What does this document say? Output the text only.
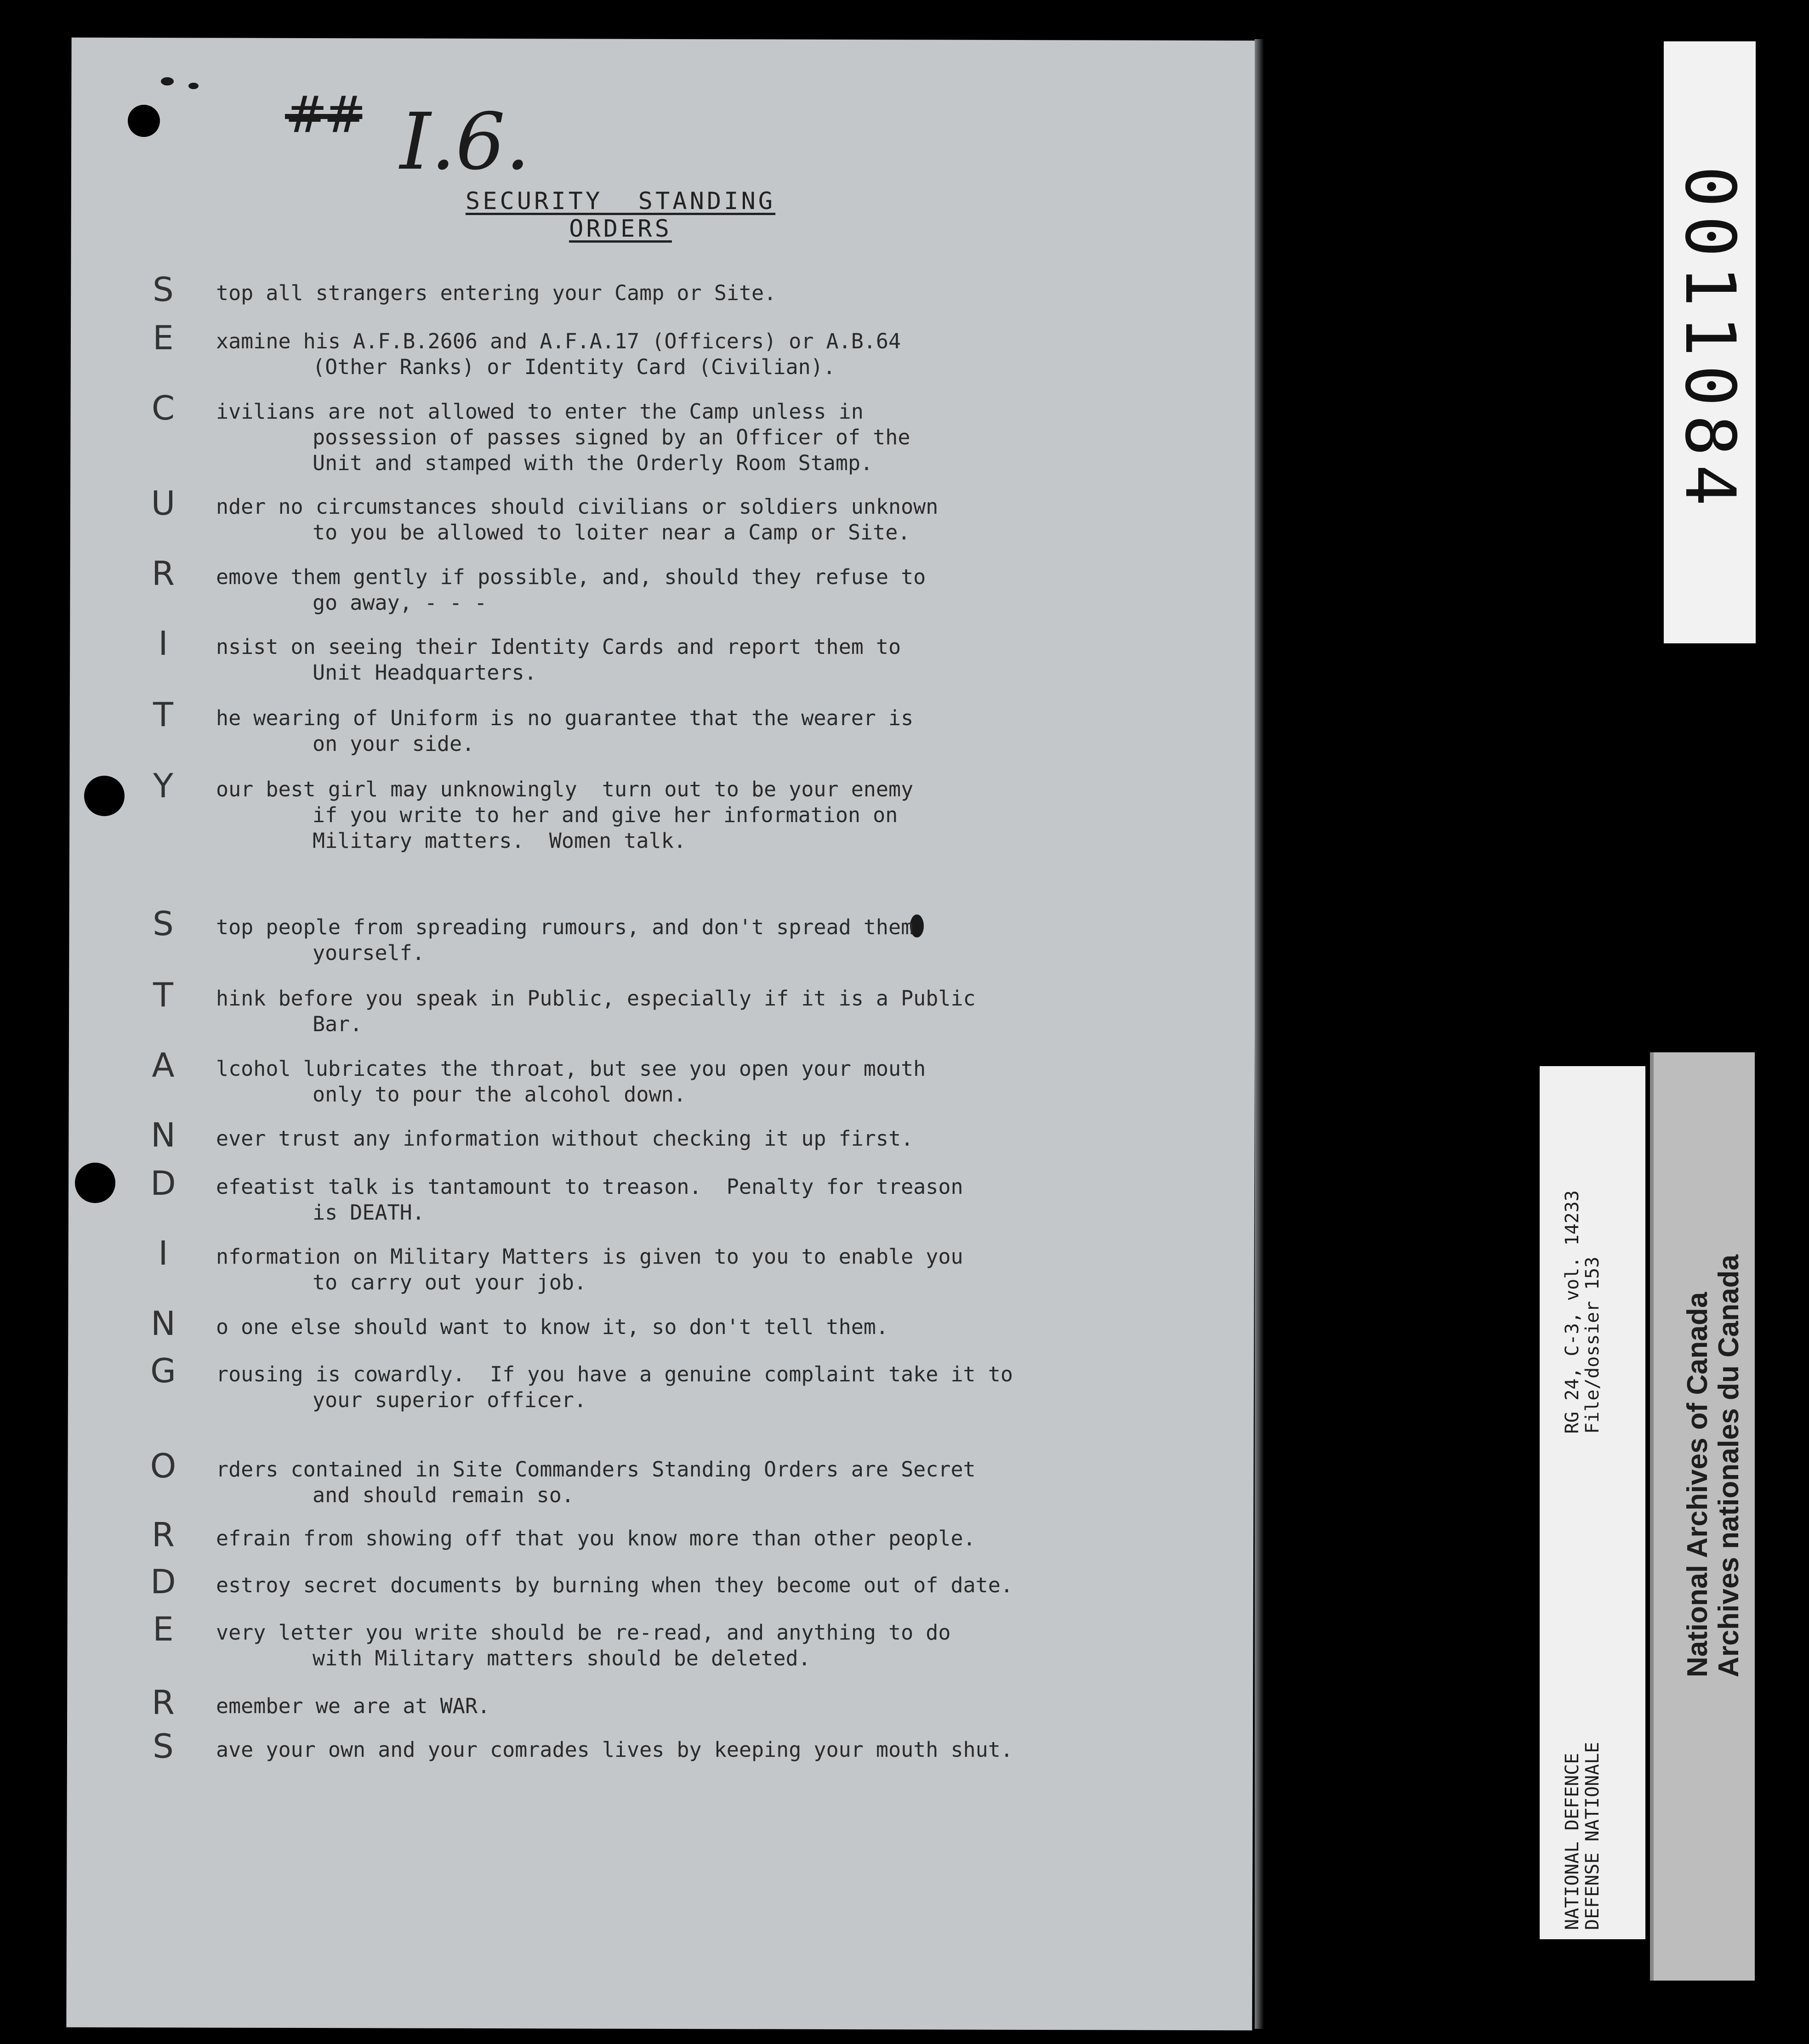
## I.6.
SECURITY STANDING ORDERS
S	top all strangers entering your Camp or Site.
E	xamine his A.F.B.2606 and A.F.A.17 (Officers) or A.B.64
(Other Ranks) or Identity Card (Civilian).
C	ivilians are not allowed to enter the Camp unless in
possession of passes signed by an Officer of the
Unit and stamped with the Orderly Room Stamp.
U	nder no circumstances should civilians or soldiers unknown
to you be allowed to loiter near a Camp or Site.
R	emove them gently if possible, and, should they refuse to
go away, - - -
I	nsist on seeing their Identity Cards and report them to
Unit Headquarters.
T	he wearing of Uniform is no guarantee that the wearer is
on your side.
Y	our best girl may unknowingly  turn out to be your enemy
if you write to her and give her information on
Military matters.  Women talk.
S	top people from spreading rumours, and don't spread them
yourself.
T	hink before you speak in Public, especially if it is a Public
Bar.
A	lcohol lubricates the throat, but see you open your mouth
only to pour the alcohol down.
N	ever trust any information without checking it up first.
D	efeatist talk is tantamount to treason.  Penalty for treason
is DEATH.
I	nformation on Military Matters is given to you to enable you
to carry out your job.
N	o one else should want to know it, so don't tell them.
G	rousing is cowardly.  If you have a genuine complaint take it to
your superior officer.
O	rders contained in Site Commanders Standing Orders are Secret
and should remain so.
R	efrain from showing off that you know more than other people.
D	estroy secret documents by burning when they become out of date.
E	very letter you write should be re-read, and anything to do
with Military matters should be deleted.
R	emember we are at WAR.
S	ave your own and your comrades lives by keeping your mouth shut.
0011084
NATIONAL DEFENCE
DEFENSE NATIONALE
RG 24, C-3, vol. 14233
File/dossier 153	National Archives of Canada Archives nationales du Canada
